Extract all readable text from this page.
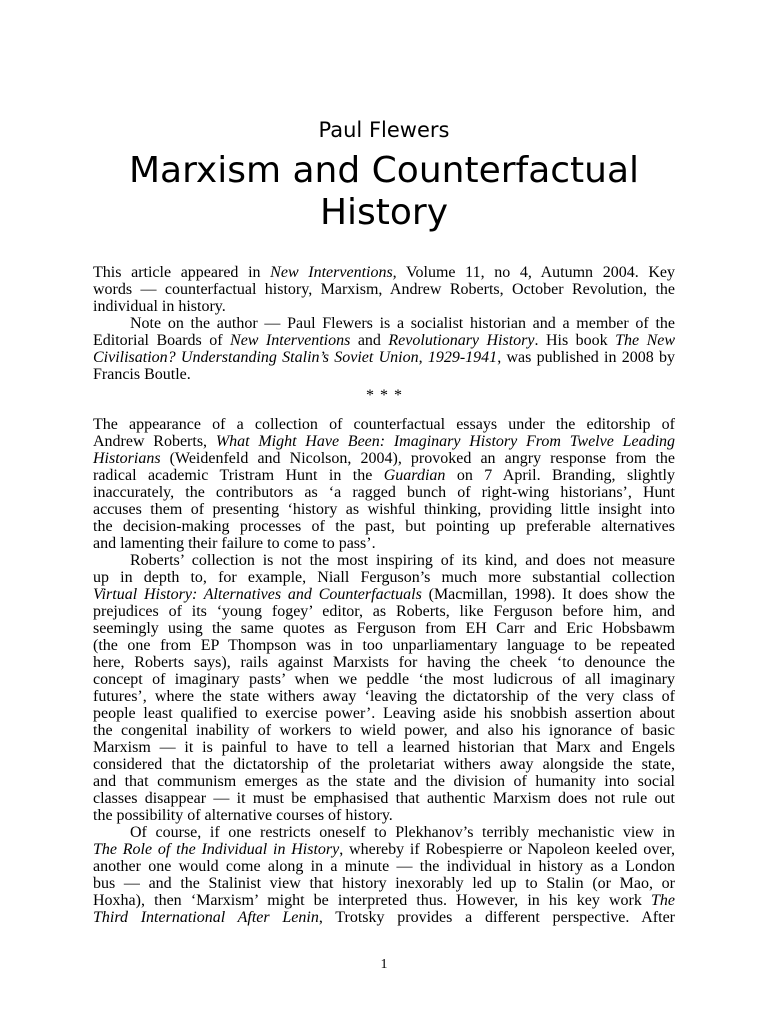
Paul Flewers
Marxism and Counterfactual
History
This article appeared in New Interventions, Volume 11, no 4, Autumn 2004. Key
words — counterfactual history, Marxism, Andrew Roberts, October Revolution, the
individual in history.
Note on the author — Paul Flewers is a socialist historian and a member of the
Editorial Boards of New Interventions and Revolutionary History. His book The New
Civilisation? Understanding Stalin’s Soviet Union, 1929-1941, was published in 2008 by
Francis Boutle.
* * *
The appearance of a collection of counterfactual essays under the editorship of
Andrew Roberts, What Might Have Been: Imaginary History From Twelve Leading
Historians (Weidenfeld and Nicolson, 2004), provoked an angry response from the
radical academic Tristram Hunt in the Guardian on 7 April. Branding, slightly
inaccurately, the contributors as ‘a ragged bunch of right-wing historians’, Hunt
accuses them of presenting ‘history as wishful thinking, providing little insight into
the decision-making processes of the past, but pointing up preferable alternatives
and lamenting their failure to come to pass’.
Roberts’ collection is not the most inspiring of its kind, and does not measure
up in depth to, for example, Niall Ferguson’s much more substantial collection
Virtual History: Alternatives and Counterfactuals (Macmillan, 1998). It does show the
prejudices of its ‘young fogey’ editor, as Roberts, like Ferguson before him, and
seemingly using the same quotes as Ferguson from EH Carr and Eric Hobsbawm
(the one from EP Thompson was in too unparliamentary language to be repeated
here, Roberts says), rails against Marxists for having the cheek ‘to denounce the
concept of imaginary pasts’ when we peddle ‘the most ludicrous of all imaginary
futures’, where the state withers away ‘leaving the dictatorship of the very class of
people least qualified to exercise power’. Leaving aside his snobbish assertion about
the congenital inability of workers to wield power, and also his ignorance of basic
Marxism — it is painful to have to tell a learned historian that Marx and Engels
considered that the dictatorship of the proletariat withers away alongside the state,
and that communism emerges as the state and the division of humanity into social
classes disappear — it must be emphasised that authentic Marxism does not rule out
the possibility of alternative courses of history.
Of course, if one restricts oneself to Plekhanov’s terribly mechanistic view in
The Role of the Individual in History, whereby if Robespierre or Napoleon keeled over,
another one would come along in a minute — the individual in history as a London
bus — and the Stalinist view that history inexorably led up to Stalin (or Mao, or
Hoxha), then ‘Marxism’ might be interpreted thus. However, in his key work The
Third International After Lenin, Trotsky provides a different perspective. After
1
